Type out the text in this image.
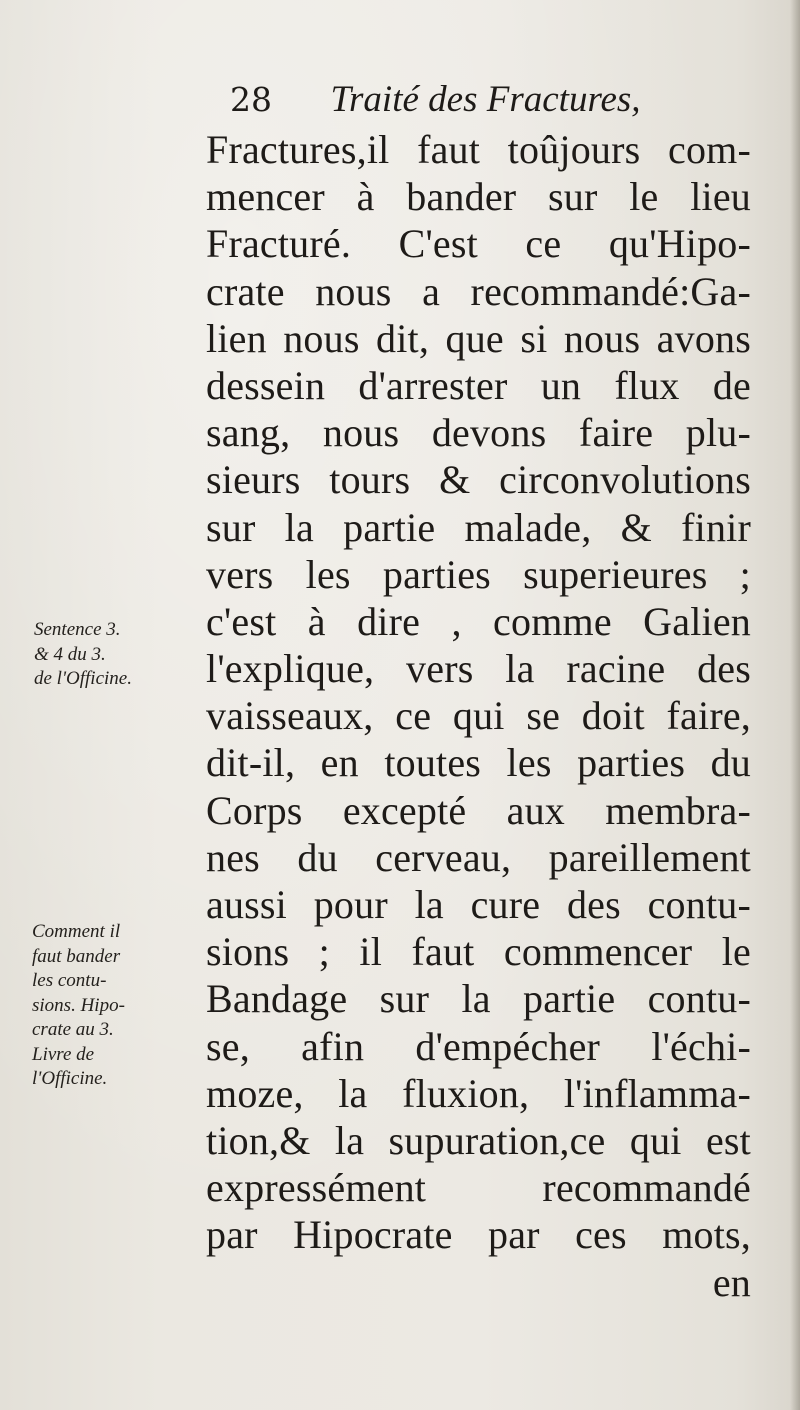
28 Traité des Fractures,
Fractures,il faut toûjours com-
mencer à bander sur le lieu
Fracturé. C'est ce qu'Hipo-
crate nous a recommandé:Ga-
lien nous dit, que si nous avons
dessein d'arrester un flux de
sang, nous devons faire plu-
sieurs tours & circonvolutions
sur la partie malade, & finir
vers les parties superieures ;
c'est à dire , comme Galien
l'explique, vers la racine des
vaisseaux, ce qui se doit faire,
dit-il, en toutes les parties du
Corps excepté aux membra-
nes du cerveau, pareillement
aussi pour la cure des contu-
sions ; il faut commencer le
Bandage sur la partie contu-
se, afin d'empécher l'échi-
moze, la fluxion, l'inflamma-
tion,& la supuration,ce qui est
expressément recommandé
par Hipocrate par ces mots,
en
Sentence 3.
& 4 du 3.
de l'Officine.
Comment il
faut bander
les contu-
sions. Hipo-
crate au 3.
Livre de
l'Officine.
